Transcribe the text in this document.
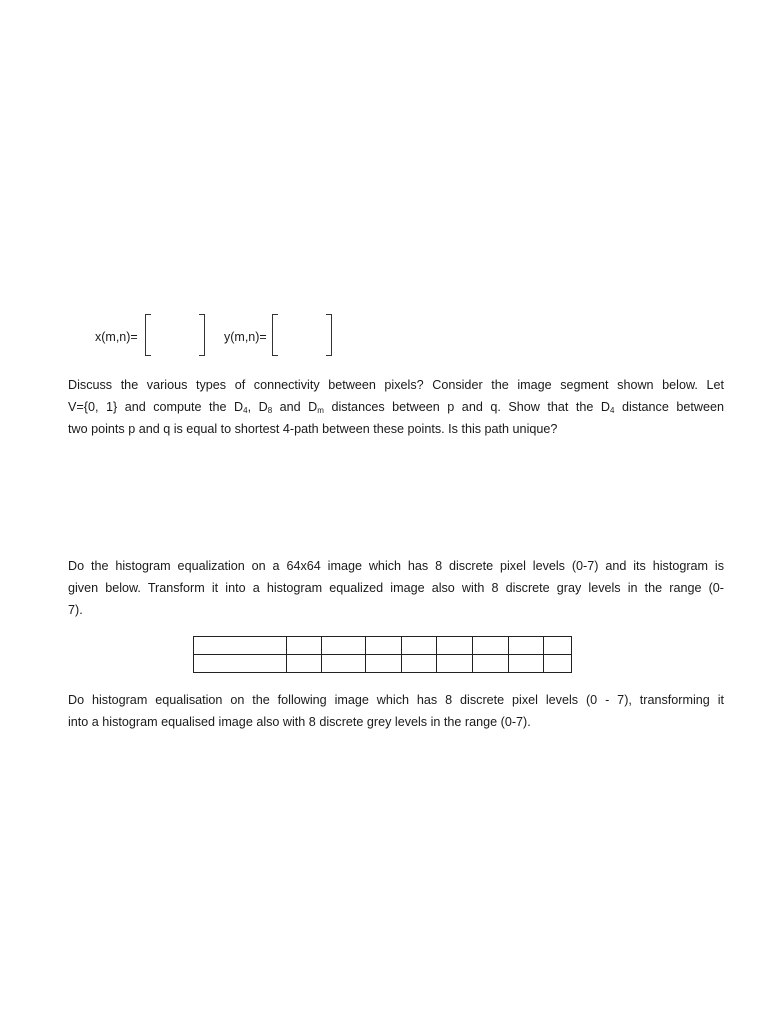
x(m,n)=	y(m,n)=
Discuss the various types of connectivity between pixels? Consider the image segment shown below. Let
V={0, 1} and compute the $D_4$, $D_8$ and $D_m$ distances between p and q. Show that the $D_4$ distance between
two points p and q is equal to shortest 4-path between these points. Is this path unique?
Do the histogram equalization on a 64x64 image which has 8 discrete pixel levels (0-7) and its histogram is
given below. Transform it into a histogram equalized image also with 8 discrete gray levels in the range (0-
7).

Do histogram equalisation on the following image which has 8 discrete pixel levels (0 - 7), transforming it
into a histogram equalised image also with 8 discrete grey levels in the range (0-7).
